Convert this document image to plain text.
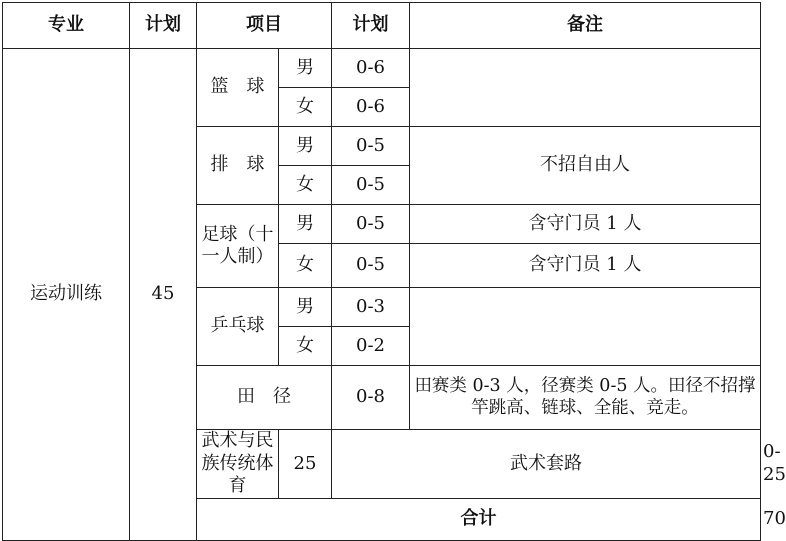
专业	计划	项目		计划	备注	
运动训练	45	篮　球	男	0-6		
			女	0-6		
		排　球	男	0-5	不招自由人	
			女	0-5		
		足球（十一人制）	男	0-5	含守门员 1 人	
			女	0-5	含守门员 1 人	
		乒乓球	男	0-3		
			女	0-2		
		田　径		0-8	田赛类 0-3 人，径赛类 0-5 人。田径不招撑竿跳高、链球、全能、竞走。	
		武术与民族传统体育	25	武术套路		0-25	
		合计				70	
